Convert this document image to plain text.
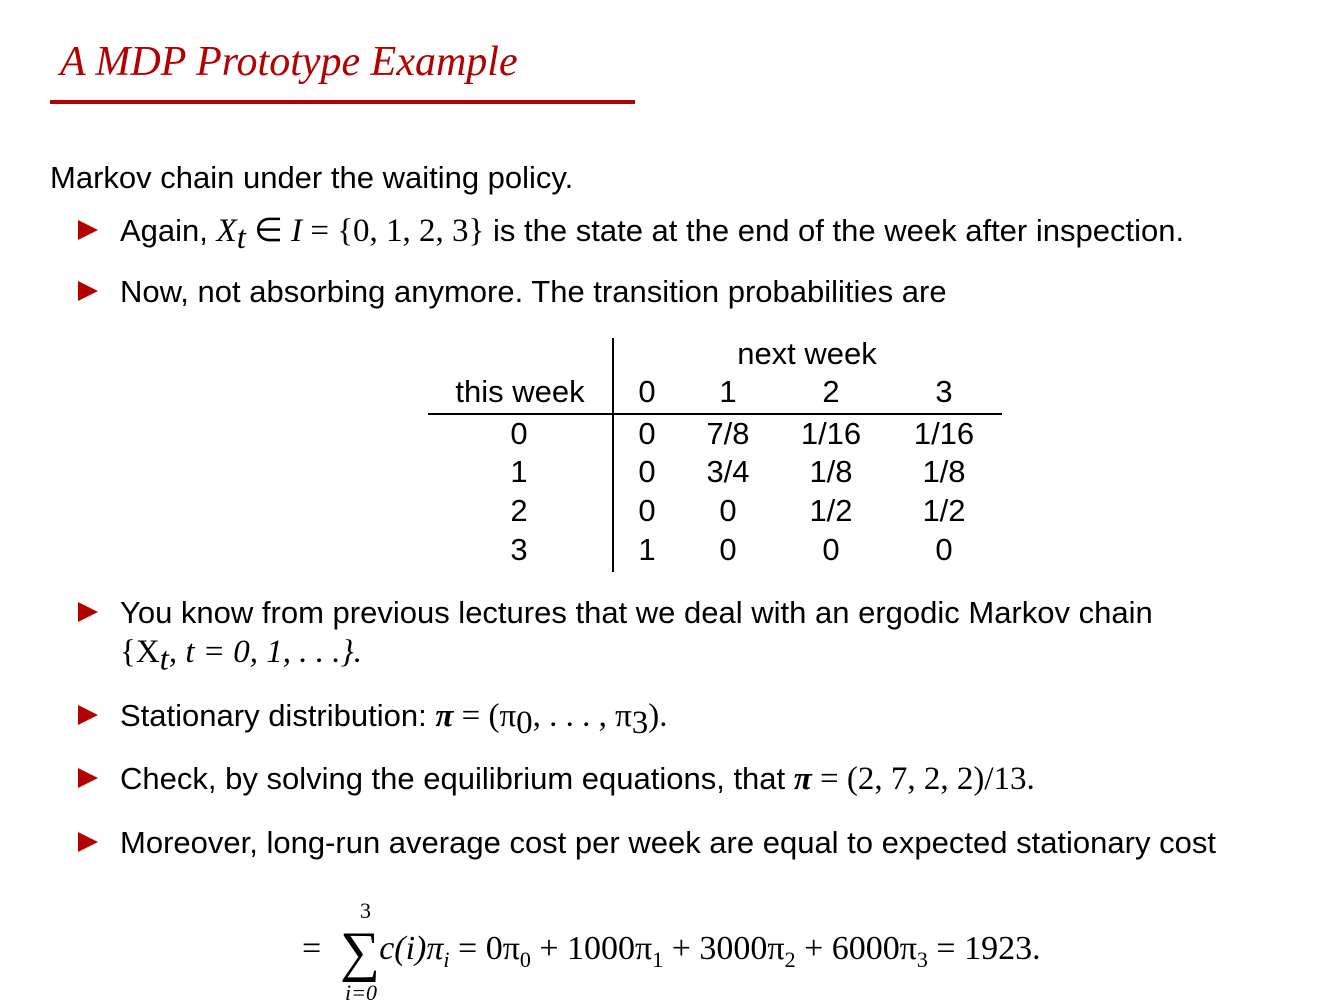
A MDP Prototype Example
Markov chain under the waiting policy.
Again, $X_t$ ∈ I = {0, 1, 2, 3} is the state at the end of the week after inspection.
Now, not absorbing anymore. The transition probabilities are
next week
this week	0	1	2	3
0	0	7/8 1/16 1/16
1	0	3/4	1/8	1/8
2	0	0	1/2	1/2
3	1	0	0	0
You know from previous lectures that we deal with an ergodic Markov chain
{$X_t$, t = 0, 1, . . .}.
Stationary distribution: $\pi = (\pi_0$, . . . , $\pi_3$).
Check, by solving the equilibrium equations, that π = (2, 7, 2, 2)/13.
Moreover, long-run average cost per week are equal to expected stationary cost
3
∑
i=0
= $c(i)\pi_i = 0\pi_0 + 1000\pi_1 + 3000\pi_2 + 6000\pi_3 = 1923$.
